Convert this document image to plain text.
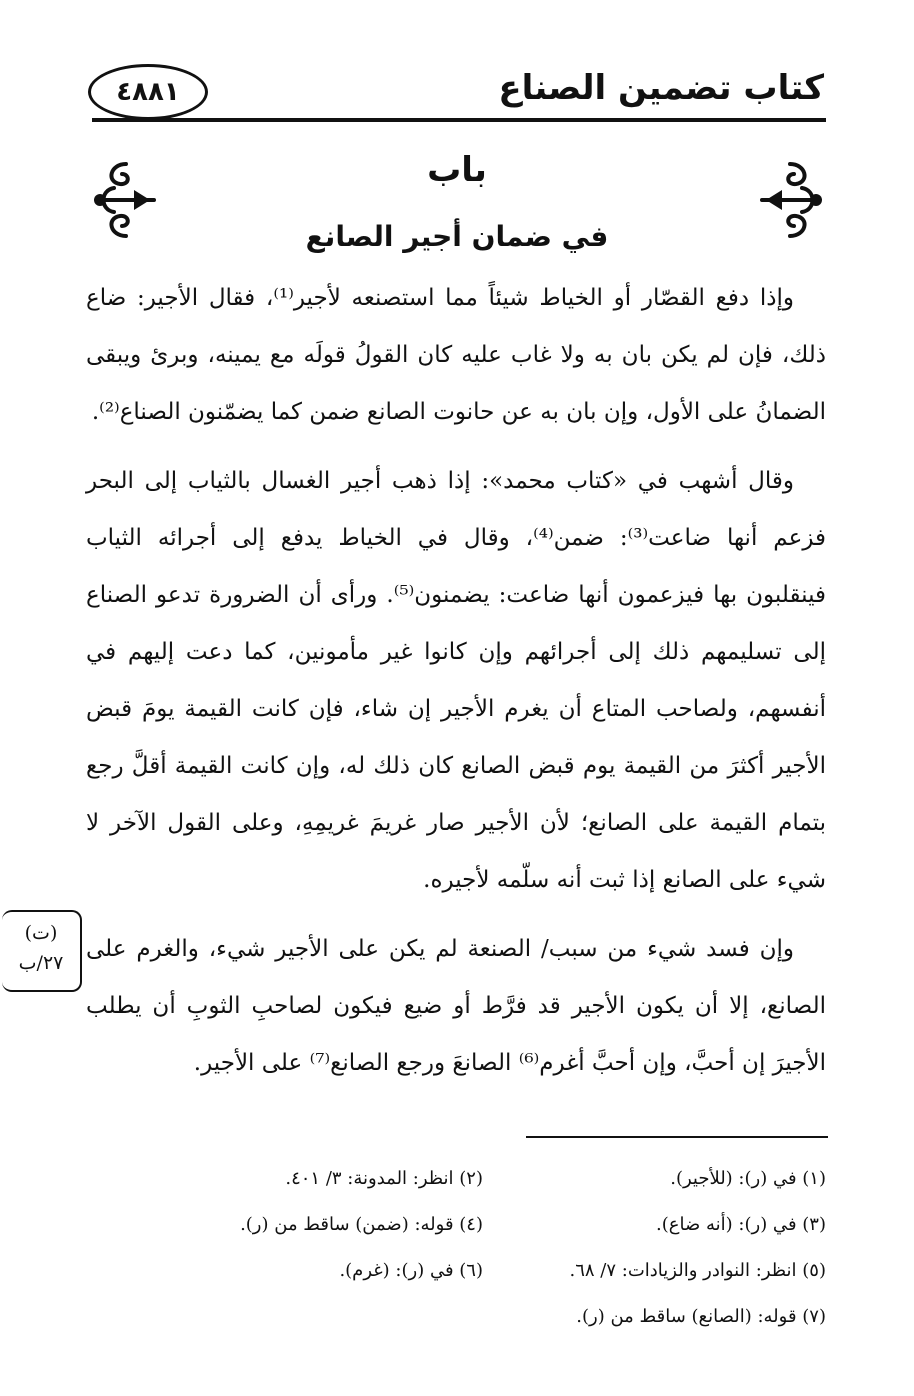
كتاب تضمين الصناع
٤٨٨١
باب
في ضمان أجير الصانع

وإذا دفع القصّار أو الخياط شيئاً مما استصنعه لأجير⁽¹⁾، فقال الأجير: ضاع ذلك، فإن لم يكن بان به ولا غاب عليه كان القولُ قولَه مع يمينه، وبرئ ويبقى الضمانُ على الأول، وإن بان به عن حانوت الصانع ضمن كما يضمّنون الصناع⁽²⁾.

وقال أشهب في «كتاب محمد»: إذا ذهب أجير الغسال بالثياب إلى البحر فزعم أنها ضاعت⁽³⁾: ضمن⁽⁴⁾، وقال في الخياط يدفع إلى أجرائه الثياب فينقلبون بها فيزعمون أنها ضاعت: يضمنون⁽⁵⁾. ورأى أن الضرورة تدعو الصناع إلى تسليمهم ذلك إلى أجرائهم وإن كانوا غير مأمونين، كما دعت إليهم في أنفسهم، ولصاحب المتاع أن يغرم الأجير إن شاء، فإن كانت القيمة يومَ قبض الأجير أكثرَ من القيمة يوم قبض الصانع كان ذلك له، وإن كانت القيمة أقلَّ رجع بتمام القيمة على الصانع؛ لأن الأجير صار غريمَ غريمِهِ، وعلى القول الآخر لا شيء على الصانع إذا ثبت أنه سلّمه لأجيره.

وإن فسد شيء من سبب/ الصنعة لم يكن على الأجير شيء، والغرم على الصانع، إلا أن يكون الأجير قد فرَّط أو ضيع فيكون لصاحبِ الثوبِ أن يطلب الأجيرَ إن أحبَّ، وإن أحبَّ أغرم⁽⁶⁾ الصانعَ ورجع الصانع⁽⁷⁾ على الأجير.

(ت)
٢٧/ب
(١) في (ر): (للأجير).
(٢) انظر: المدونة: ٣/ ٤٠١.
(٣) في (ر): (أنه ضاع).
(٤) قوله: (ضمن) ساقط من (ر).
(٥) انظر: النوادر والزيادات: ٧/ ٦٨.
(٦) في (ر): (غرم).
(٧) قوله: (الصانع) ساقط من (ر).
